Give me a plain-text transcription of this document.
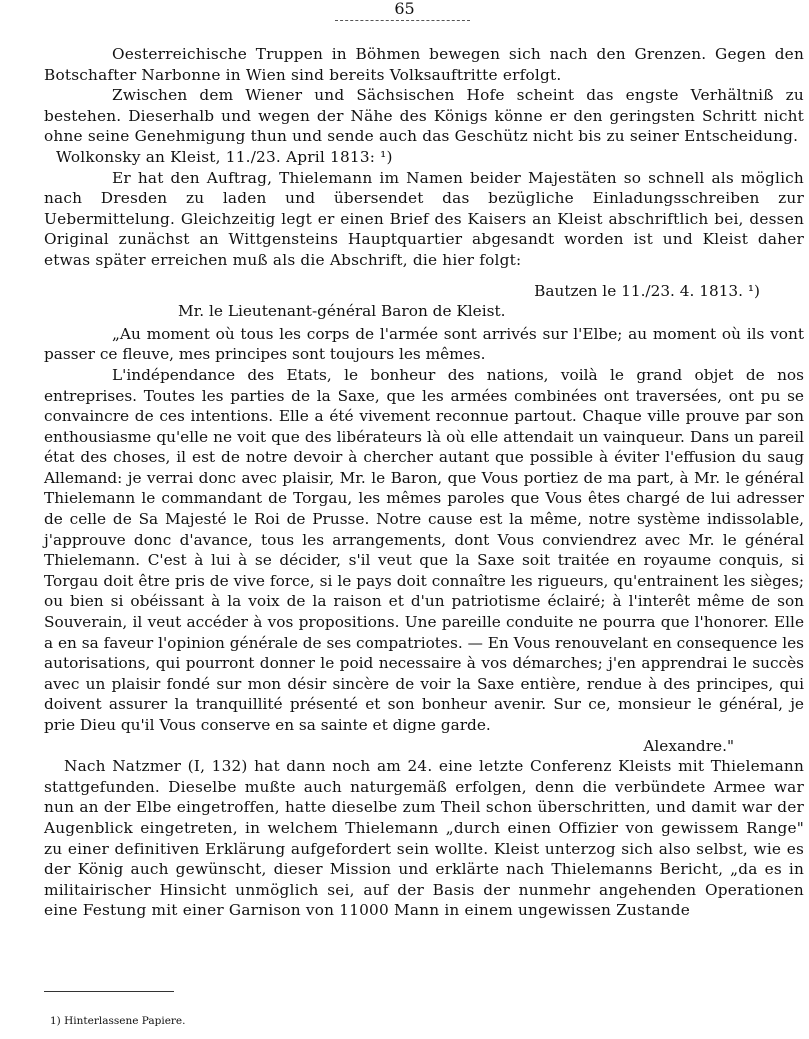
65

Oesterreichische Truppen in Böhmen bewegen sich nach den Grenzen. Gegen den Botschafter Narbonne in Wien sind bereits Volksauftritte erfolgt.

Zwischen dem Wiener und Sächsischen Hofe scheint das engste Verhältniß zu bestehen. Dieserhalb und wegen der Nähe des Königs könne er den geringsten Schritt nicht ohne seine Genehmigung thun und sende auch das Geschütz nicht bis zu seiner Entscheidung.

Wolkonsky an Kleist, 11./23. April 1813: ¹)

Er hat den Auftrag, Thielemann im Namen beider Majestäten so schnell als möglich nach Dresden zu laden und übersendet das bezügliche Einladungsschreiben zur Uebermittelung. Gleichzeitig legt er einen Brief des Kaisers an Kleist abschriftlich bei, dessen Original zunächst an Wittgensteins Hauptquartier abgesandt worden ist und Kleist daher etwas später erreichen muß als die Abschrift, die hier folgt:

Bautzen le 11./23. 4. 1813. ¹)

Mr. le Lieutenant-général Baron de Kleist.

„Au moment où tous les corps de l'armée sont arrivés sur l'Elbe; au moment où ils vont passer ce fleuve, mes principes sont toujours les mêmes.

L'indépendance des Etats, le bonheur des nations, voilà le grand objet de nos entreprises. Toutes les parties de la Saxe, que les armées combinées ont traversées, ont pu se convaincre de ces intentions. Elle a été vivement reconnue partout. Chaque ville prouve par son enthousiasme qu'elle ne voit que des libérateurs là où elle attendait un vainqueur. Dans un pareil état des choses, il est de notre devoir à chercher autant que possible à éviter l'effusion du saug Allemand: je verrai donc avec plaisir, Mr. le Baron, que Vous portiez de ma part, à Mr. le général Thielemann le commandant de Torgau, les mêmes paroles que Vous êtes chargé de lui adresser de celle de Sa Majesté le Roi de Prusse. Notre cause est la même, notre système indissolable, j'approuve donc d'avance, tous les arrangements, dont Vous conviendrez avec Mr. le général Thielemann. C'est à lui à se décider, s'il veut que la Saxe soit traitée en royaume conquis, si Torgau doit être pris de vive force, si le pays doit connaître les rigueurs, qu'entrainent les sièges; ou bien si obéissant à la voix de la raison et d'un patriotisme éclairé; à l'interêt même de son Souverain, il veut accéder à vos propositions. Une pareille conduite ne pourra que l'honorer. Elle a en sa faveur l'opinion générale de ses compatriotes. — En Vous renouvelant en consequence les autorisations, qui pourront donner le poid necessaire à vos démarches; j'en apprendrai le succès avec un plaisir fondé sur mon désir sincère de voir la Saxe entière, rendue à des principes, qui doivent assurer la tranquillité présenté et son bonheur avenir. Sur ce, monsieur le général, je prie Dieu qu'il Vous conserve en sa sainte et digne garde.

Alexandre."

Nach Natzmer (I, 132) hat dann noch am 24. eine letzte Conferenz Kleists mit Thielemann stattgefunden. Dieselbe mußte auch naturgemäß erfolgen, denn die verbündete Armee war nun an der Elbe eingetroffen, hatte dieselbe zum Theil schon überschritten, und damit war der Augenblick eingetreten, in welchem Thielemann „durch einen Offizier von gewissem Range" zu einer definitiven Erklärung aufgefordert sein wollte. Kleist unterzog sich also selbst, wie es der König auch gewünscht, dieser Mission und erklärte nach Thielemanns Bericht, „da es in militairischer Hinsicht unmöglich sei, auf der Basis der nunmehr angehenden Operationen eine Festung mit einer Garnison von 11000 Mann in einem ungewissen Zustande

1) Hinterlassene Papiere.
